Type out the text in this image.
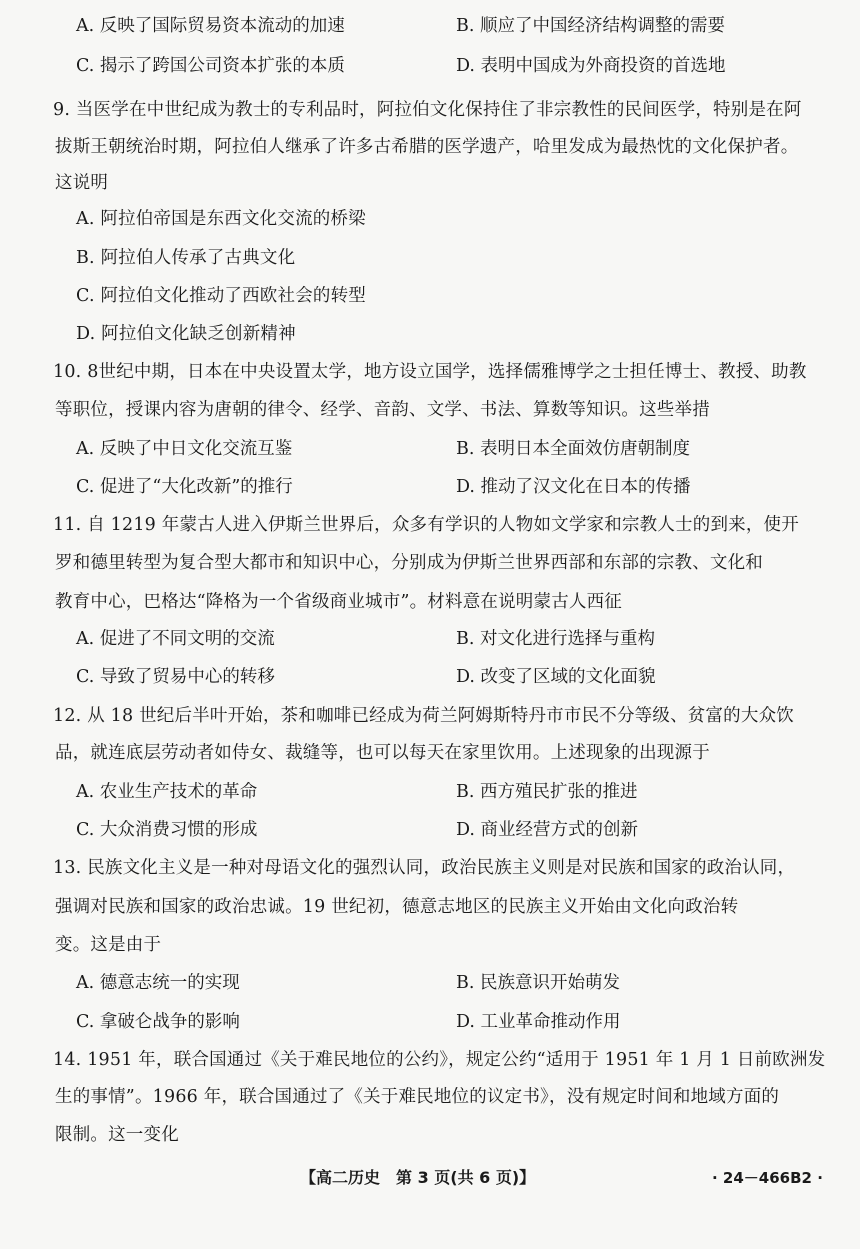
A. 反映了国际贸易资本流动的加速	B. 顺应了中国经济结构调整的需要
C. 揭示了跨国公司资本扩张的本质	D. 表明中国成为外商投资的首选地
9. 当医学在中世纪成为教士的专利品时，阿拉伯文化保持住了非宗教性的民间医学，特别是在阿
拔斯王朝统治时期，阿拉伯人继承了许多古希腊的医学遗产，哈里发成为最热忱的文化保护者。
这说明
A. 阿拉伯帝国是东西文化交流的桥梁
B. 阿拉伯人传承了古典文化
C. 阿拉伯文化推动了西欧社会的转型
D. 阿拉伯文化缺乏创新精神
10. 8世纪中期，日本在中央设置太学，地方设立国学，选择儒雅博学之士担任博士、教授、助教
等职位，授课内容为唐朝的律令、经学、音韵、文学、书法、算数等知识。这些举措
A. 反映了中日文化交流互鉴	B. 表明日本全面效仿唐朝制度
C. 促进了“大化改新”的推行	D. 推动了汉文化在日本的传播
11. 自 1219 年蒙古人进入伊斯兰世界后，众多有学识的人物如文学家和宗教人士的到来，使开
罗和德里转型为复合型大都市和知识中心，分别成为伊斯兰世界西部和东部的宗教、文化和
教育中心，巴格达“降格为一个省级商业城市”。材料意在说明蒙古人西征
A. 促进了不同文明的交流	B. 对文化进行选择与重构
C. 导致了贸易中心的转移	D. 改变了区域的文化面貌
12. 从 18 世纪后半叶开始，茶和咖啡已经成为荷兰阿姆斯特丹市市民不分等级、贫富的大众饮
品，就连底层劳动者如侍女、裁缝等，也可以每天在家里饮用。上述现象的出现源于
A. 农业生产技术的革命	B. 西方殖民扩张的推进
C. 大众消费习惯的形成	D. 商业经营方式的创新
13. 民族文化主义是一种对母语文化的强烈认同，政治民族主义则是对民族和国家的政治认同，
强调对民族和国家的政治忠诚。19 世纪初，德意志地区的民族主义开始由文化向政治转
变。这是由于
A. 德意志统一的实现	B. 民族意识开始萌发
C. 拿破仑战争的影响	D. 工业革命推动作用
14. 1951 年，联合国通过《关于难民地位的公约》，规定公约“适用于 1951 年 1 月 1 日前欧洲发
生的事情”。1966 年，联合国通过了《关于难民地位的议定书》，没有规定时间和地域方面的
限制。这一变化
【高二历史　第 3 页(共 6 页)】	· 24－466B2 ·
